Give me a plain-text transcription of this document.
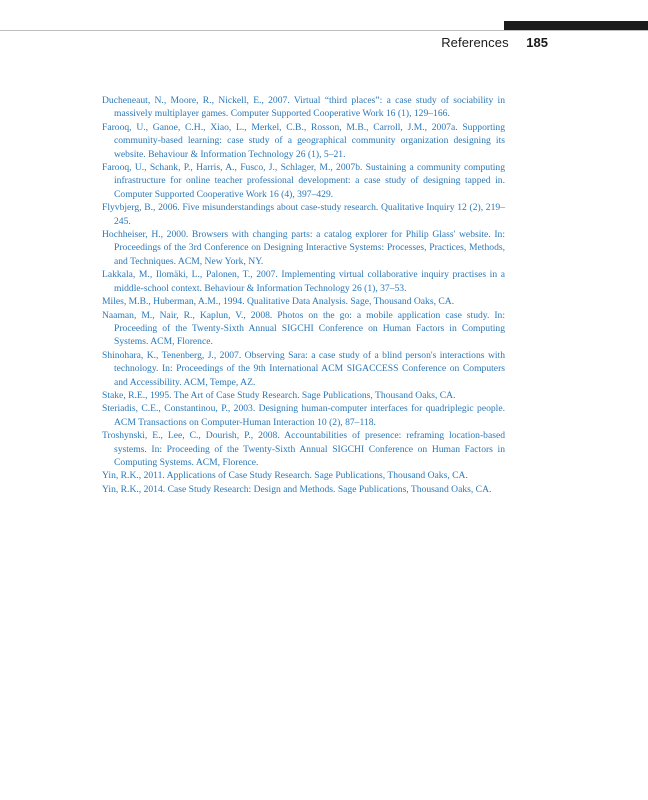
References 185
Ducheneaut, N., Moore, R., Nickell, E., 2007. Virtual “third places”: a case study of sociability in massively multiplayer games. Computer Supported Cooperative Work 16 (1), 129–166.
Farooq, U., Ganoe, C.H., Xiao, L., Merkel, C.B., Rosson, M.B., Carroll, J.M., 2007a. Supporting community-based learning: case study of a geographical community organization designing its website. Behaviour & Information Technology 26 (1), 5–21.
Farooq, U., Schank, P., Harris, A., Fusco, J., Schlager, M., 2007b. Sustaining a community computing infrastructure for online teacher professional development: a case study of designing tapped in. Computer Supported Cooperative Work 16 (4), 397–429.
Flyvbjerg, B., 2006. Five misunderstandings about case-study research. Qualitative Inquiry 12 (2), 219–245.
Hochheiser, H., 2000. Browsers with changing parts: a catalog explorer for Philip Glass' website. In: Proceedings of the 3rd Conference on Designing Interactive Systems: Processes, Practices, Methods, and Techniques. ACM, New York, NY.
Lakkala, M., Ilomäki, L., Palonen, T., 2007. Implementing virtual collaborative inquiry practises in a middle-school context. Behaviour & Information Technology 26 (1), 37–53.
Miles, M.B., Huberman, A.M., 1994. Qualitative Data Analysis. Sage, Thousand Oaks, CA.
Naaman, M., Nair, R., Kaplun, V., 2008. Photos on the go: a mobile application case study. In: Proceeding of the Twenty-Sixth Annual SIGCHI Conference on Human Factors in Computing Systems. ACM, Florence.
Shinohara, K., Tenenberg, J., 2007. Observing Sara: a case study of a blind person's interactions with technology. In: Proceedings of the 9th International ACM SIGACCESS Conference on Computers and Accessibility. ACM, Tempe, AZ.
Stake, R.E., 1995. The Art of Case Study Research. Sage Publications, Thousand Oaks, CA.
Steriadis, C.E., Constantinou, P., 2003. Designing human-computer interfaces for quadriplegic people. ACM Transactions on Computer-Human Interaction 10 (2), 87–118.
Troshynski, E., Lee, C., Dourish, P., 2008. Accountabilities of presence: reframing location-based systems. In: Proceeding of the Twenty-Sixth Annual SIGCHI Conference on Human Factors in Computing Systems. ACM, Florence.
Yin, R.K., 2011. Applications of Case Study Research. Sage Publications, Thousand Oaks, CA.
Yin, R.K., 2014. Case Study Research: Design and Methods. Sage Publications, Thousand Oaks, CA.
